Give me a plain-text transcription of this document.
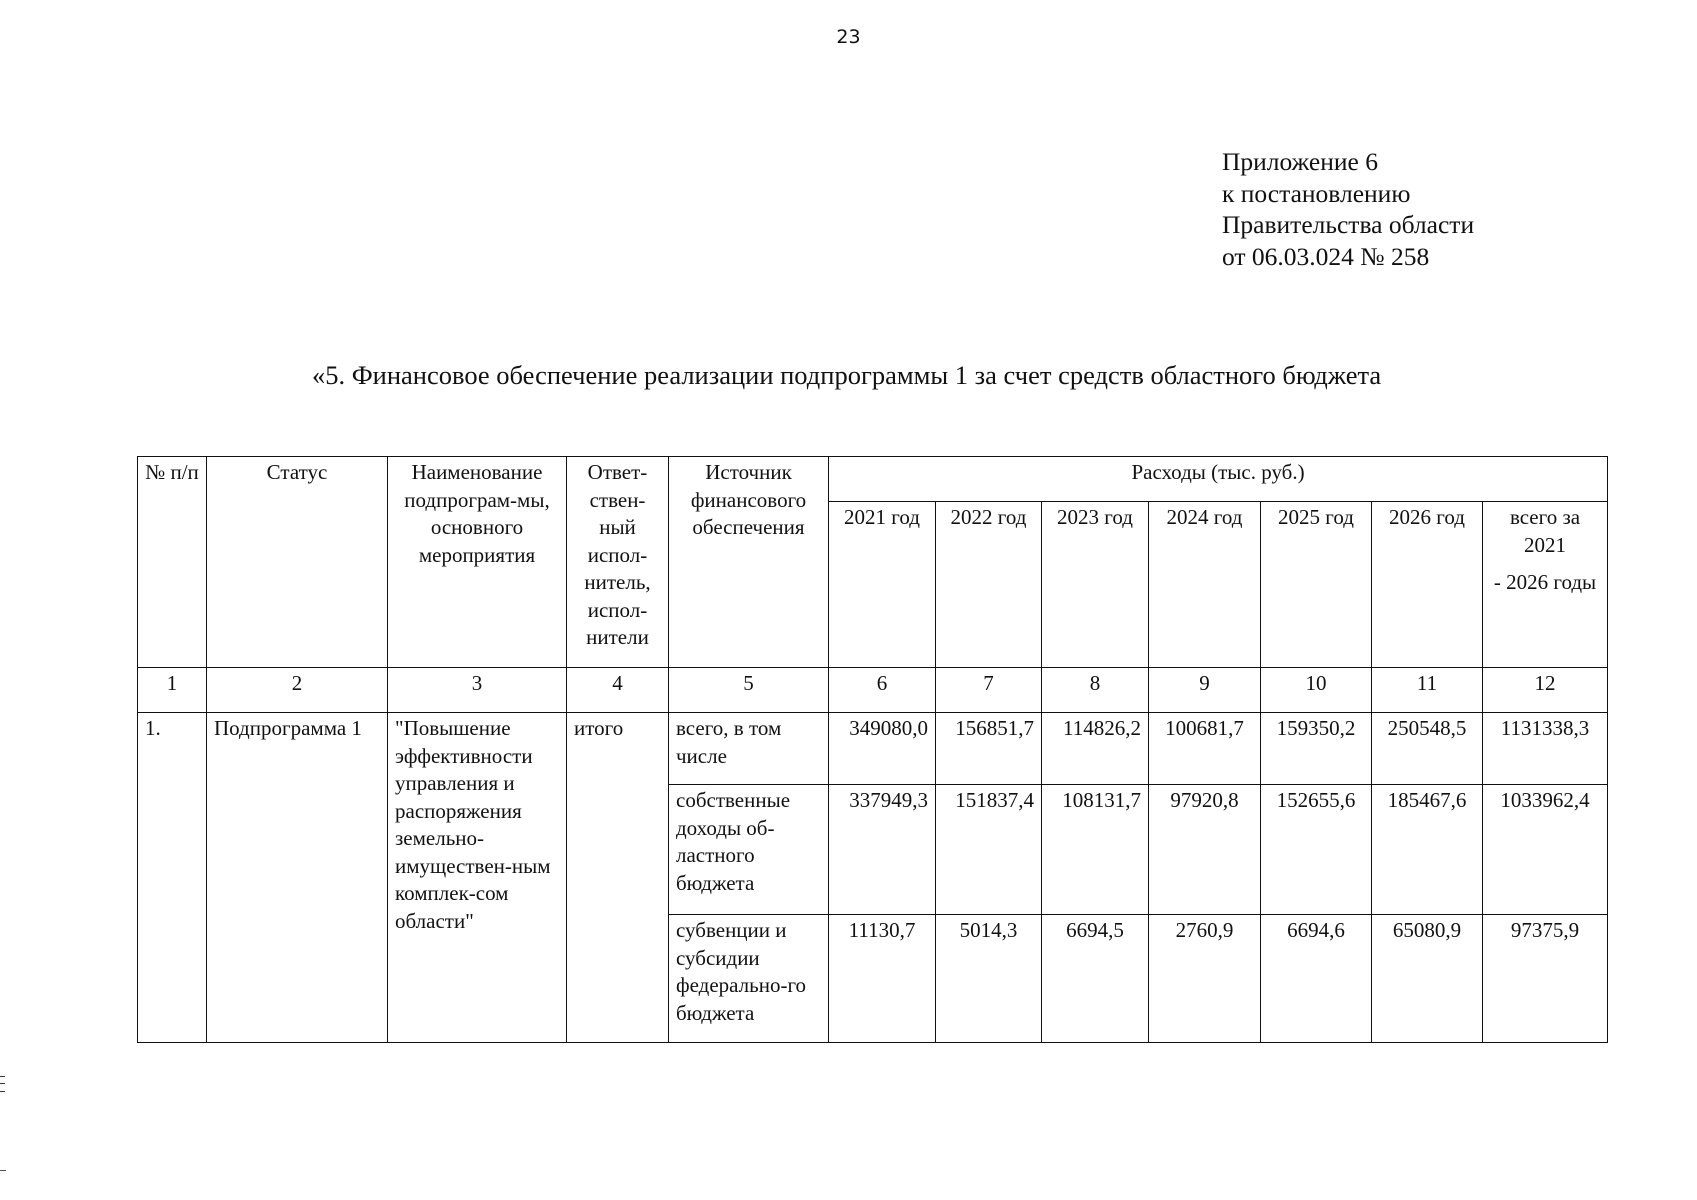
23
Приложение 6
к постановлению
Правительства области
от 06.03.024 № 258
«5. Финансовое обеспечение реализации подпрограммы 1 за счет средств областного бюджета
№ п/п	Статус	Наименование подпрограм-мы, основного мероприятия	Ответ-ствен-ный испол-нитель, испол-нители	Источник финансового обеспечения	Расходы (тыс. руб.)						
					2021 год	2022 год	2023 год	2024 год	2025 год	2026 год	всего за 2021
- 2026 годы

1	2	3	4	5	6	7	8	9	10	11	12
1.	Подпрограмма 1	"Повышение эффективности управления и распоряжения земельно-имуществен-ным комплек-сом области"	итого	всего, в том числе	349080,0	156851,7	114826,2	100681,7	159350,2	250548,5	1131338,3
				собственные доходы об-ластного бюджета	337949,3	151837,4	108131,7	97920,8	152655,6	185467,6	1033962,4
				субвенции и субсидии федерально-го бюджета	11130,7	5014,3	6694,5	2760,9	6694,6	65080,9	97375,9
